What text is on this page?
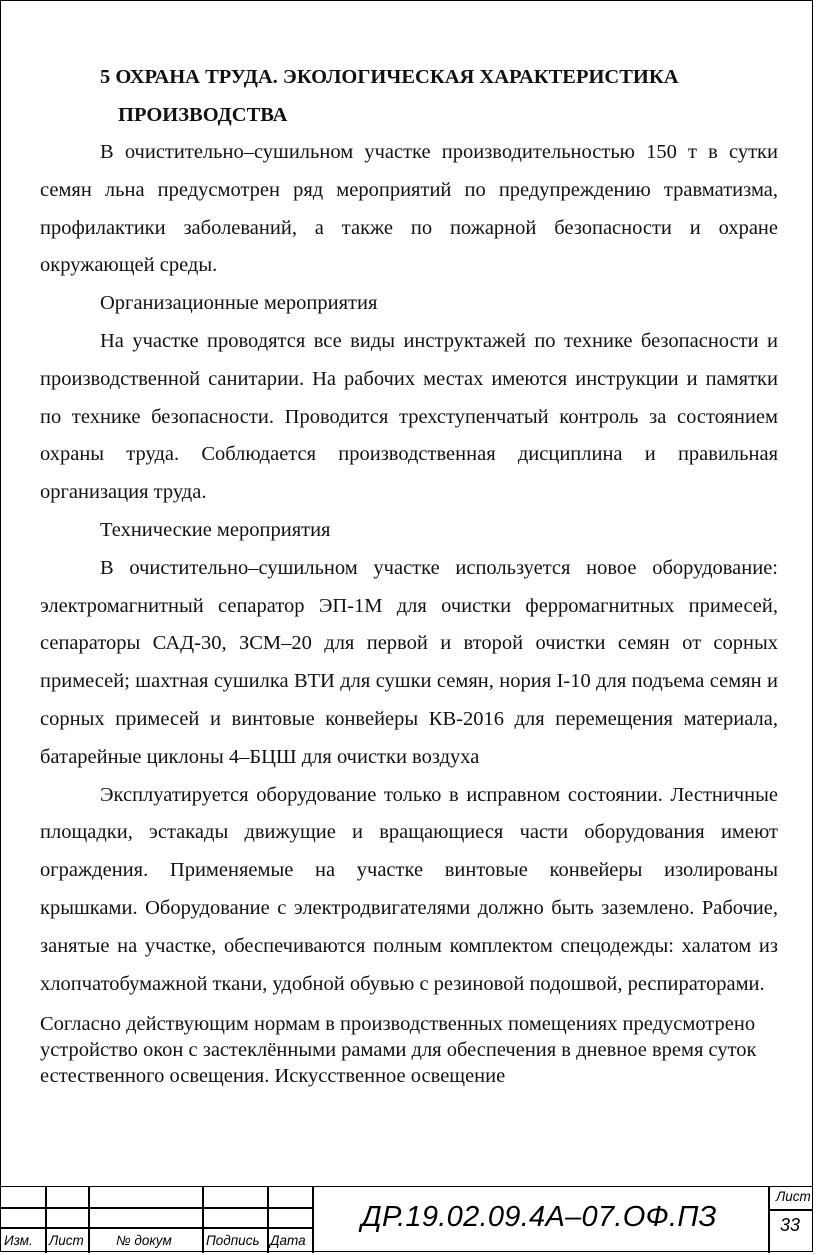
5 ОХРАНА ТРУДА. ЭКОЛОГИЧЕСКАЯ ХАРАКТЕРИСТИКА
ПРОИЗВОДСТВА

В очистительно–сушильном участке производительностью 150 т в сутки семян льна предусмотрен ряд мероприятий по предупреждению травматизма, профилактики заболеваний, а также по пожарной безопасности и охране окружающей среды.

Организационные мероприятия

На участке проводятся все виды инструктажей по технике безопасности и производственной санитарии. На рабочих местах имеются инструкции и памятки по технике безопасности. Проводится трехступенчатый контроль за состоянием охраны труда. Соблюдается производственная дисциплина и правильная организация труда.

Технические мероприятия

В очистительно–сушильном участке используется новое оборудование: электромагнитный сепаратор ЭП-1М для очистки ферромагнитных примесей, сепараторы САД-30, ЗСМ–20 для первой и второй очистки семян от сорных примесей; шахтная сушилка ВТИ для сушки семян, нория I-10 для подъема семян и сорных примесей и винтовые конвейеры КВ-2016 для перемещения материала, батарейные циклоны 4–БЦШ для очистки воздуха

Эксплуатируется оборудование только в исправном состоянии. Лестничные площадки, эстакады движущие и вращающиеся части оборудования имеют ограждения. Применяемые на участке винтовые конвейеры изолированы крышками. Оборудование с электродвигателями должно быть заземлено. Рабочие, занятые на участке, обеспечиваются полным комплектом спецодежды: халатом из хлопчатобумажной ткани, удобной обувью с резиновой подошвой, респираторами.

Согласно действующим нормам в производственных помещениях предусмотрено устройство окон с застеклёнными рамами для обеспечения в дневное время суток естественного освещения. Искусственное освещение

Изм. Лист № докум	Подпись Дата
ДР.19.02.09.4А–07.ОФ.ПЗ
Лист
33
